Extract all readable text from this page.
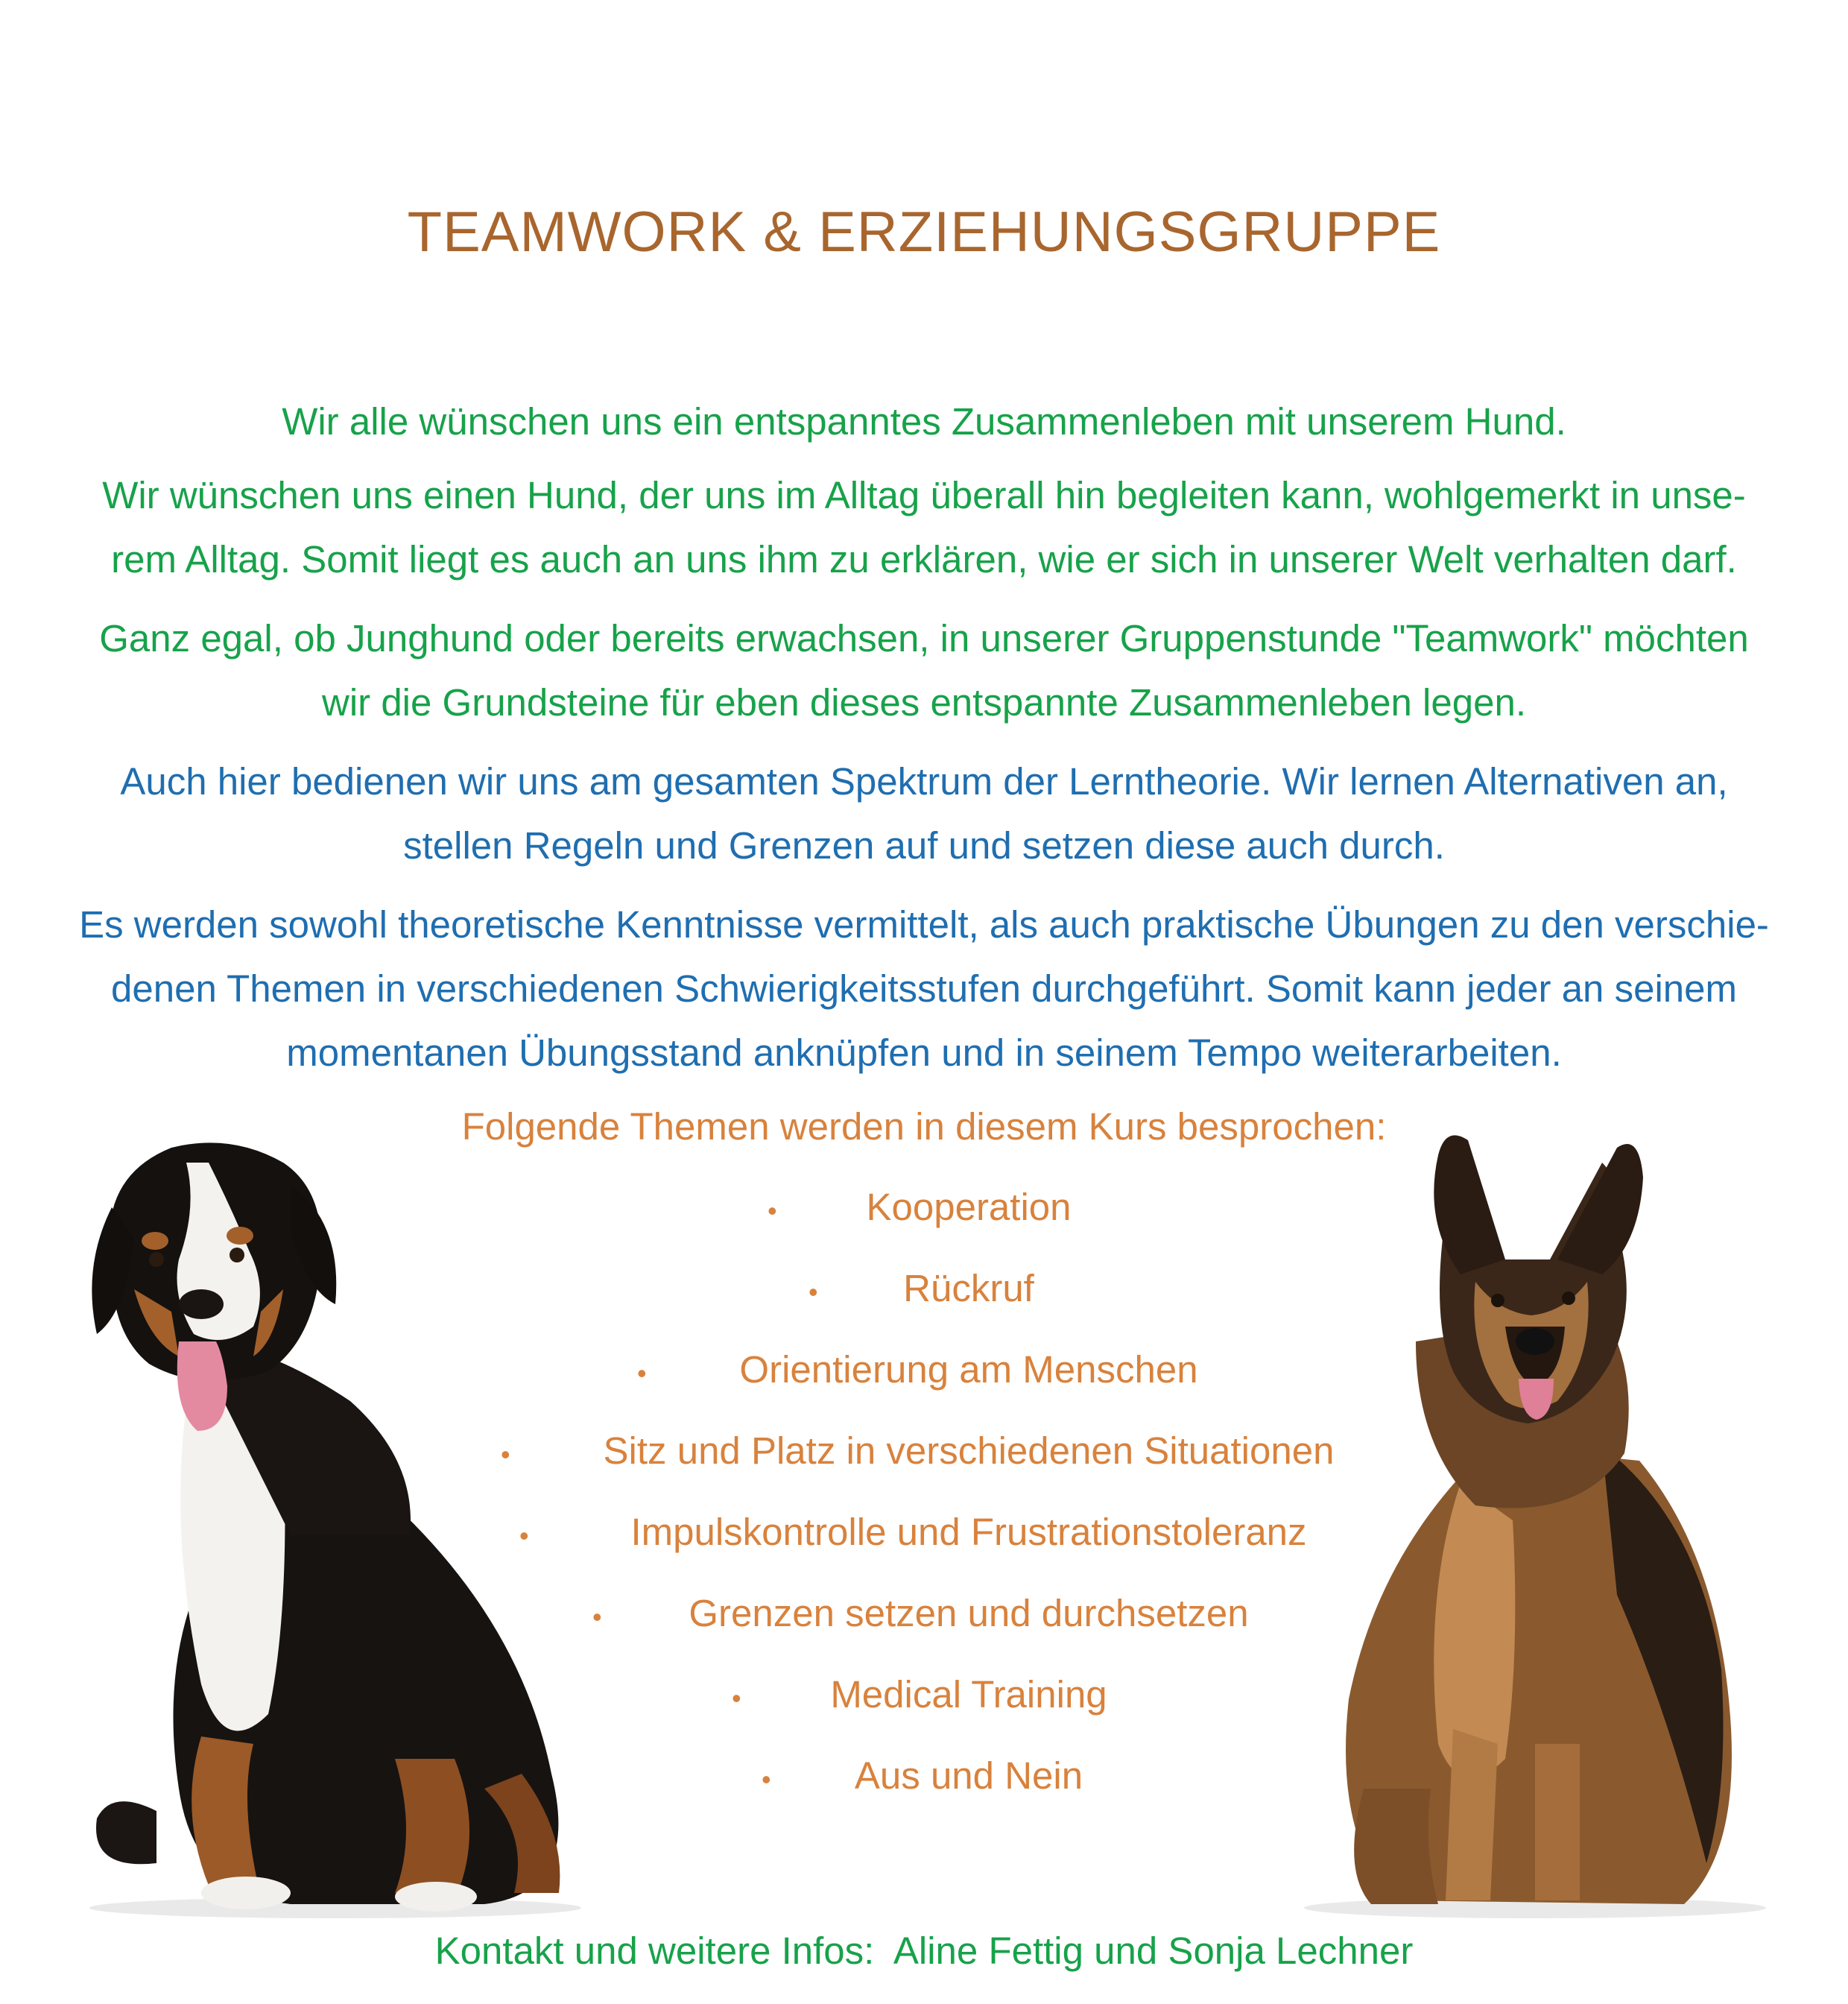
TEAMWORK & ERZIEHUNGSGRUPPE
Wir alle wünschen uns ein entspanntes Zusammenleben mit unserem Hund.
Wir wünschen uns einen Hund, der uns im Alltag überall hin begleiten kann, wohlgemerkt in unse-
rem Alltag. Somit liegt es auch an uns ihm zu erklären, wie er sich in unserer Welt verhalten darf.
Ganz egal, ob Junghund oder bereits erwachsen, in unserer Gruppenstunde "Teamwork" möchten
wir die Grundsteine für eben dieses entspannte Zusammenleben legen.
Auch hier bedienen wir uns am gesamten Spektrum der Lerntheorie. Wir lernen Alternativen an,
stellen Regeln und Grenzen auf und setzen diese auch durch.
Es werden sowohl theoretische Kenntnisse vermittelt, als auch praktische Übungen zu den verschie-
denen Themen in verschiedenen Schwierigkeitsstufen durchgeführt. Somit kann jeder an seinem
momentanen Übungsstand anknüpfen und in seinem Tempo weiterarbeiten.
Folgende Themen werden in diesem Kurs besprochen:
•	Kooperation
•	Rückruf
•	Orientierung am Menschen
•	Sitz und Platz in verschiedenen Situationen
•	Impulskontrolle und Frustrationstoleranz
•	Grenzen setzen und durchsetzen
•	Medical Training
•	Aus und Nein
Kontakt und weitere Infos: Aline Fettig und Sonja Lechner
